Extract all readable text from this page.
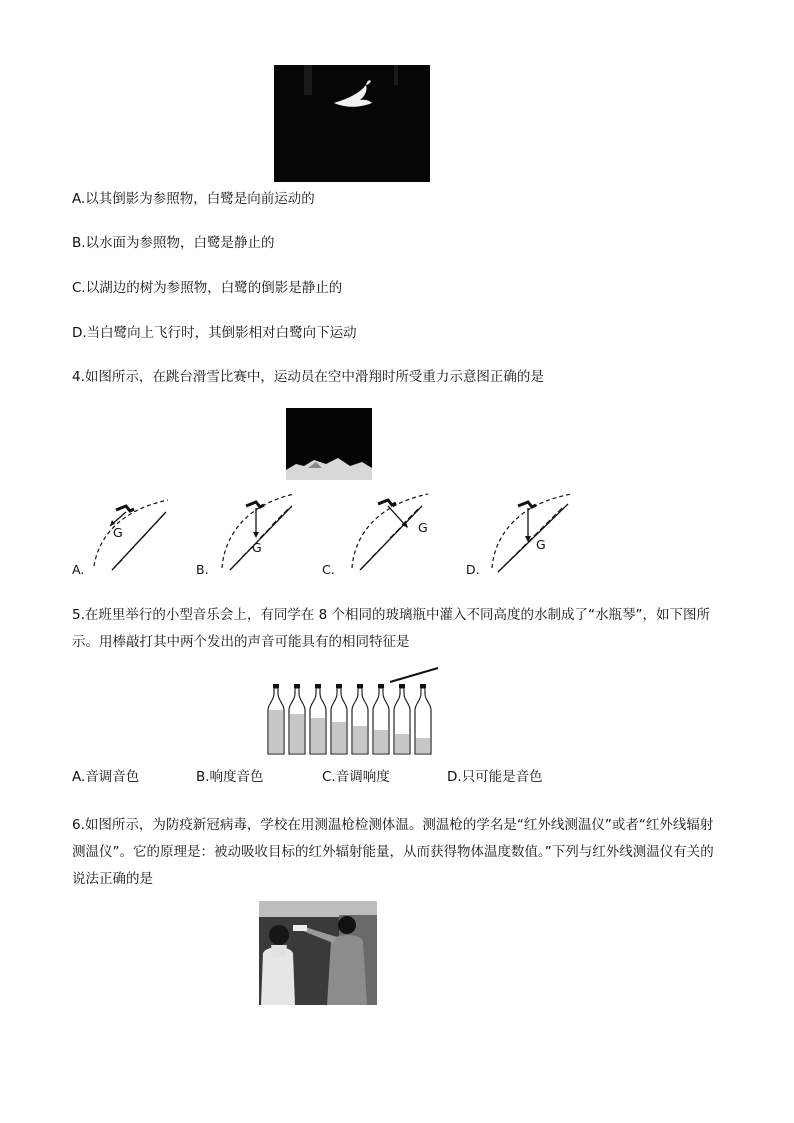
A.以其倒影为参照物，白鹭是向前运动的
B.以水面为参照物，白鹭是静止的
C.以湖边的树为参照物，白鹭的倒影是静止的
D.当白鹭向上飞行时，其倒影相对白鹭向下运动
4.如图所示，在跳台滑雪比赛中，运动员在空中滑翔时所受重力示意图正确的是
G
A.
G
B.
G
C.
G
D.
5.在班里举行的小型音乐会上，有同学在 8 个相同的玻璃瓶中灌入不同高度的水制成了“水瓶琴”，如下图所示。用棒敲打其中两个发出的声音可能具有的相同特征是
A.音调音色	B.响度音色	C.音调响度	D.只可能是音色
6.如图所示，为防疫新冠病毒，学校在用测温枪检测体温。测温枪的学名是“红外线测温仪”或者“红外线辐射测温仪”。它的原理是：被动吸收目标的红外辐射能量，从而获得物体温度数值。”下列与红外线测温仪有关的说法正确的是
